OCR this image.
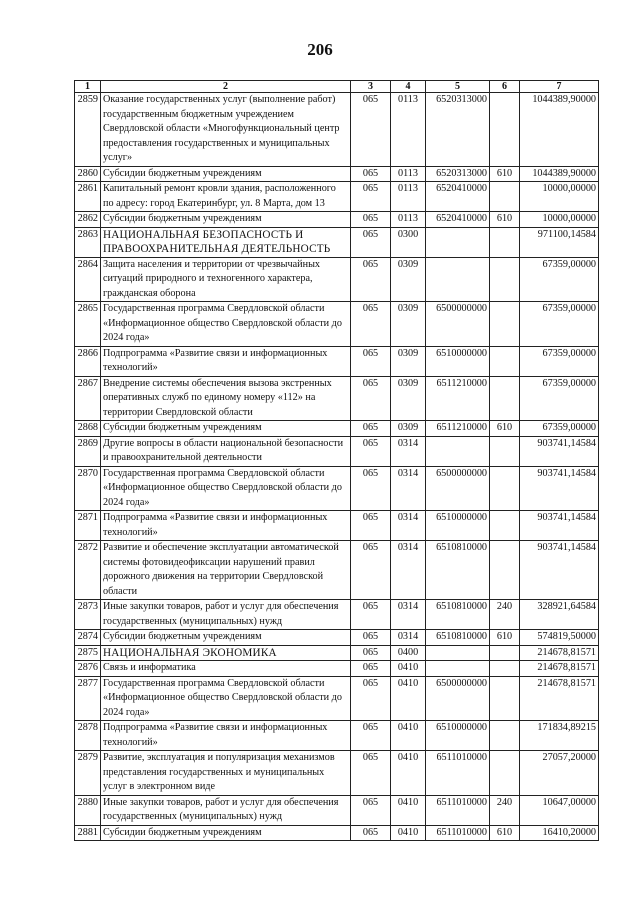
206
1	2	3	4	5	6	7
2859	Оказание государственных услуг (выполнение работ) государственным бюджетным учреждением Свердловской области «Многофункциональный центр предоставления государственных и муниципальных услуг»	065	0113	6520313000		1044389,90000
2860	Субсидии бюджетным учреждениям	065	0113	6520313000	610	1044389,90000
2861	Капитальный ремонт кровли здания, расположенного по адресу: город Екатеринбург, ул. 8 Марта, дом 13	065	0113	6520410000		10000,00000
2862	Субсидии бюджетным учреждениям	065	0113	6520410000	610	10000,00000
2863	НАЦИОНАЛЬНАЯ БЕЗОПАСНОСТЬ И ПРАВООХРАНИТЕЛЬНАЯ ДЕЯТЕЛЬНОСТЬ	065	0300			971100,14584
2864	Защита населения и территории от чрезвычайных ситуаций природного и техногенного характера, гражданская оборона	065	0309			67359,00000
2865	Государственная программа Свердловской области «Информационное общество Свердловской области до 2024 года»	065	0309	6500000000		67359,00000
2866	Подпрограмма «Развитие связи и информационных технологий»	065	0309	6510000000		67359,00000
2867	Внедрение системы обеспечения вызова экстренных оперативных служб по единому номеру «112» на территории Свердловской области	065	0309	6511210000		67359,00000
2868	Субсидии бюджетным учреждениям	065	0309	6511210000	610	67359,00000
2869	Другие вопросы в области национальной безопасности и правоохранительной деятельности	065	0314			903741,14584
2870	Государственная программа Свердловской области «Информационное общество Свердловской области до 2024 года»	065	0314	6500000000		903741,14584
2871	Подпрограмма «Развитие связи и информационных технологий»	065	0314	6510000000		903741,14584
2872	Развитие и обеспечение эксплуатации автоматической системы фотовидеофиксации нарушений правил дорожного движения на территории Свердловской области	065	0314	6510810000		903741,14584
2873	Иные закупки товаров, работ и услуг для обеспечения государственных (муниципальных) нужд	065	0314	6510810000	240	328921,64584
2874	Субсидии бюджетным учреждениям	065	0314	6510810000	610	574819,50000
2875	НАЦИОНАЛЬНАЯ ЭКОНОМИКА	065	0400			214678,81571
2876	Связь и информатика	065	0410			214678,81571
2877	Государственная программа Свердловской области «Информационное общество Свердловской области до 2024 года»	065	0410	6500000000		214678,81571
2878	Подпрограмма «Развитие связи и информационных технологий»	065	0410	6510000000		171834,89215
2879	Развитие, эксплуатация и популяризация механизмов представления государственных и муниципальных услуг в электронном виде	065	0410	6511010000		27057,20000
2880	Иные закупки товаров, работ и услуг для обеспечения государственных (муниципальных) нужд	065	0410	6511010000	240	10647,00000
2881	Субсидии бюджетным учреждениям	065	0410	6511010000	610	16410,20000
